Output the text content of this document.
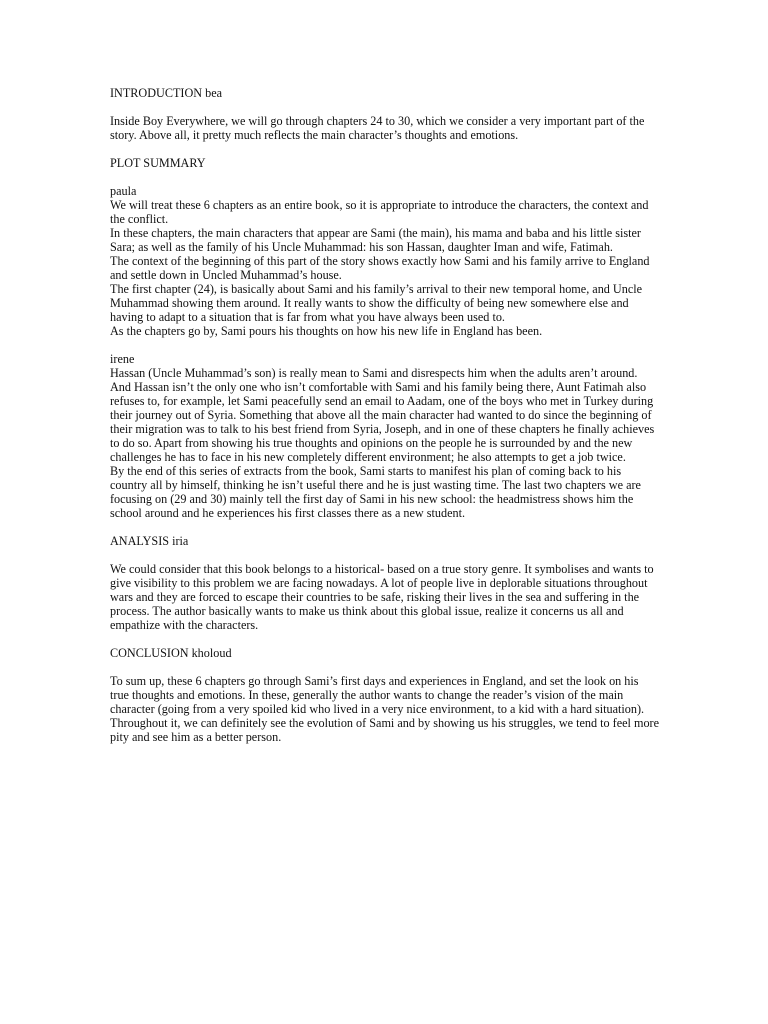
INTRODUCTION bea

Inside Boy Everywhere, we will go through chapters 24 to 30, which we consider a very important part of the story. Above all, it pretty much reflects the main character’s thoughts and emotions.

PLOT SUMMARY

paula
We will treat these 6 chapters as an entire book, so it is appropriate to introduce the characters, the context and the conflict.
In these chapters, the main characters that appear are Sami (the main), his mama and baba and his little sister Sara; as well as the family of his Uncle Muhammad: his son Hassan, daughter Iman and wife, Fatimah.
The context of the beginning of this part of the story shows exactly how Sami and his family arrive to England and settle down in Uncled Muhammad’s house.
The first chapter (24), is basically about Sami and his family’s arrival to their new temporal home, and Uncle Muhammad showing them around. It really wants to show the difficulty of being new somewhere else and having to adapt to a situation that is far from what you have always been used to.
As the chapters go by, Sami pours his thoughts on how his new life in England has been.
irene
Hassan (Uncle Muhammad’s son) is really mean to Sami and disrespects him when the adults aren’t around.
And Hassan isn’t the only one who isn’t comfortable with Sami and his family being there, Aunt Fatimah also refuses to, for example, let Sami peacefully send an email to Aadam, one of the boys who met in Turkey during their journey out of Syria. Something that above all the main character had wanted to do since the beginning of their migration was to talk to his best friend from Syria, Joseph, and in one of these chapters he finally achieves to do so. Apart from showing his true thoughts and opinions on the people he is surrounded by and the new challenges he has to face in his new completely different environment; he also attempts to get a job twice.
By the end of this series of extracts from the book, Sami starts to manifest his plan of coming back to his country all by himself, thinking he isn’t useful there and he is just wasting time. The last two chapters we are focusing on (29 and 30) mainly tell the first day of Sami in his new school: the headmistress shows him the school around and he experiences his first classes there as a new student.

ANALYSIS iria

We could consider that this book belongs to a historical- based on a true story genre. It symbolises and wants to give visibility to this problem we are facing nowadays. A lot of people live in deplorable situations throughout wars and they are forced to escape their countries to be safe, risking their lives in the sea and suffering in the process. The author basically wants to make us think about this global issue, realize it concerns us all and empathize with the characters.

CONCLUSION kholoud

To sum up, these 6 chapters go through Sami’s first days and experiences in England, and set the look on his true thoughts and emotions. In these, generally the author wants to change the reader’s vision of the main character (going from a very spoiled kid who lived in a very nice environment, to a kid with a hard situation). Throughout it, we can definitely see the evolution of Sami and by showing us his struggles, we tend to feel more pity and see him as a better person.
